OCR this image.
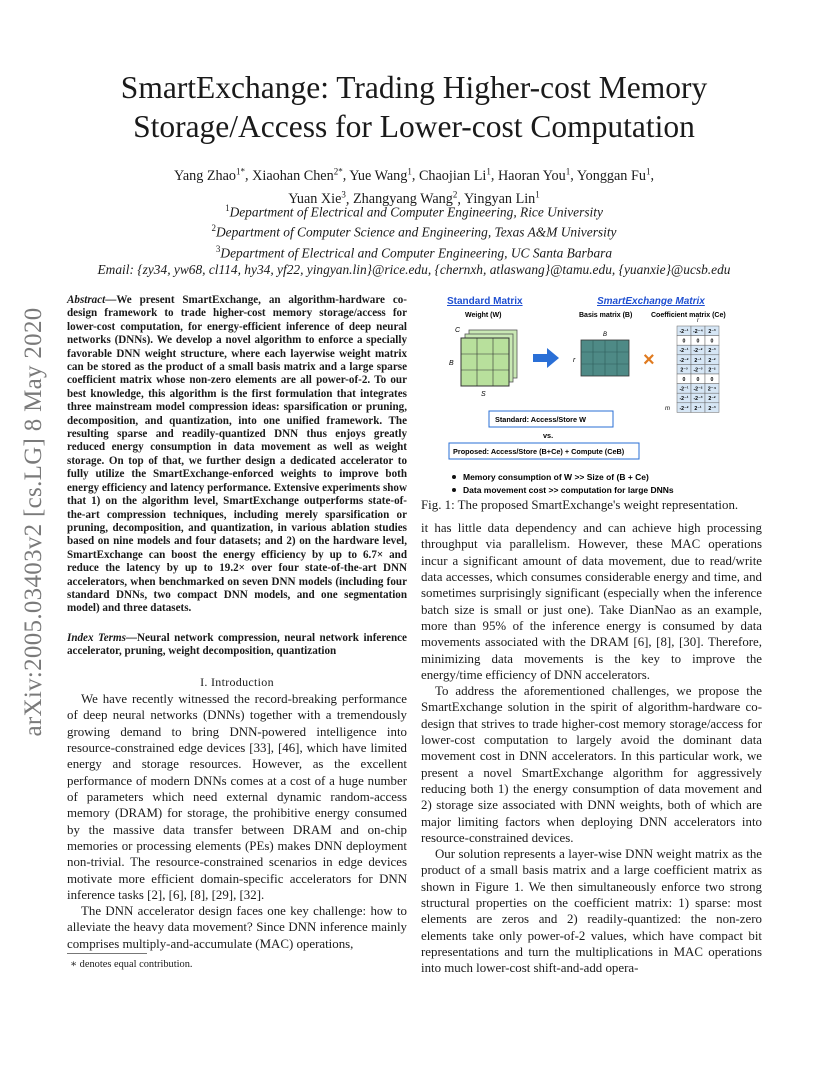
arXiv:2005.03403v2 [cs.LG] 8 May 2020
SmartExchange: Trading Higher-cost Memory
Storage/Access for Lower-cost Computation
Yang Zhao$^{1*}$, Xiaohan Chen$^{2*}$, Yue Wang$^1$, Chaojian Li$^1$, Haoran You$^1$, Yonggan Fu$^1$,
Yuan Xie$^3$, Zhangyang Wang$^2$, Yingyan Lin$^1$
$^1$Department of Electrical and Computer Engineering, Rice University
$^2$Department of Computer Science and Engineering, Texas A&M University
$^3$Department of Electrical and Computer Engineering, UC Santa Barbara
Email: {zy34, yw68, cl114, hy34, yf22, yingyan.lin}@rice.edu, {chernxh, atlaswang}@tamu.edu, {yuanxie}@ucsb.edu
Abstract—We present SmartExchange, an algorithm-hardware co-design framework to trade higher-cost memory storage/access for lower-cost computation, for energy-efficient inference of deep neural networks (DNNs). We develop a novel algorithm to enforce a specially favorable DNN weight structure, where each layerwise weight matrix can be stored as the product of a small basis matrix and a large sparse coefficient matrix whose non-zero elements are all power-of-2. To our best knowledge, this algorithm is the first formulation that integrates three mainstream model compression ideas: sparsification or pruning, decomposition, and quantization, into one unified framework. The resulting sparse and readily-quantized DNN thus enjoys greatly reduced energy consumption in data movement as well as weight storage. On top of that, we further design a dedicated accelerator to fully utilize the SmartExchange-enforced weights to improve both energy efficiency and latency performance. Extensive experiments show that 1) on the algorithm level, SmartExchange outperforms state-of-the-art compression techniques, including merely sparsification or pruning, decomposition, and quantization, in various ablation studies based on nine models and four datasets; and 2) on the hardware level, SmartExchange can boost the energy efficiency by up to 6.7× and reduce the latency by up to 19.2× over four state-of-the-art DNN accelerators, when benchmarked on seven DNN models (including four standard DNNs, two compact DNN models, and one segmentation model) and three datasets.
Index Terms—Neural network compression, neural network inference accelerator, pruning, weight decomposition, quantization
I. Introduction

We have recently witnessed the record-breaking performance of deep neural networks (DNNs) together with a tremendously growing demand to bring DNN-powered intelligence into resource-constrained edge devices [33], [46], which have limited energy and storage resources. However, as the excellent performance of modern DNNs comes at a cost of a huge number of parameters which need external dynamic random-access memory (DRAM) for storage, the prohibitive energy consumed by the massive data transfer between DRAM and on-chip memories or processing elements (PEs) makes DNN deployment non-trivial. The resource-constrained scenarios in edge devices motivate more efficient domain-specific accelerators for DNN inference tasks [2], [6], [8], [29], [32].

The DNN accelerator design faces one key challenge: how to alleviate the heavy data movement? Since DNN inference mainly comprises multiply-and-accumulate (MAC) operations,

∗ denotes equal contribution.
Standard Matrix	SmartExchange Matrix
Weight (W)	Basis matrix (B)	Coefficient matrix (Ce)
C
B
S
B
r	×
r
-2⁻¹ -2⁻⁴ 2⁻³
0 0 0
-2⁻¹ -2⁻² 2⁻³
-2⁻² 2⁻¹ 2⁻²
2⁻³ -2⁻³ 2⁻²
0 0 0
-2⁻¹ -2⁻² 2⁻⁴
-2⁻¹ -2⁻³ 2⁻²
-2⁻² 2⁻¹ 2⁻³
m
Standard: Access/Store W
vs.
Proposed: Access/Store (B+Ce) + Compute (CeB)
Memory consumption of W >> Size of (B + Ce)
Data movement cost >> computation for large DNNs
Fig. 1: The proposed SmartExchange's weight representation.

it has little data dependency and can achieve high processing throughput via parallelism. However, these MAC operations incur a significant amount of data movement, due to read/write data accesses, which consumes considerable energy and time, and sometimes surprisingly significant (especially when the inference batch size is small or just one). Take DianNao as an example, more than 95% of the inference energy is consumed by data movements associated with the DRAM [6], [8], [30]. Therefore, minimizing data movements is the key to improve the energy/time efficiency of DNN accelerators.

To address the aforementioned challenges, we propose the SmartExchange solution in the spirit of algorithm-hardware co-design that strives to trade higher-cost memory storage/access for lower-cost computation to largely avoid the dominant data movement cost in DNN accelerators. In this particular work, we present a novel SmartExchange algorithm for aggressively reducing both 1) the energy consumption of data movement and 2) storage size associated with DNN weights, both of which are major limiting factors when deploying DNN accelerators into resource-constrained devices.

Our solution represents a layer-wise DNN weight matrix as the product of a small basis matrix and a large coefficient matrix as shown in Figure 1. We then simultaneously enforce two strong structural properties on the coefficient matrix: 1) sparse: most elements are zeros and 2) readily-quantized: the non-zero elements take only power-of-2 values, which have compact bit representations and turn the multiplications in MAC operations into much lower-cost shift-and-add opera-
